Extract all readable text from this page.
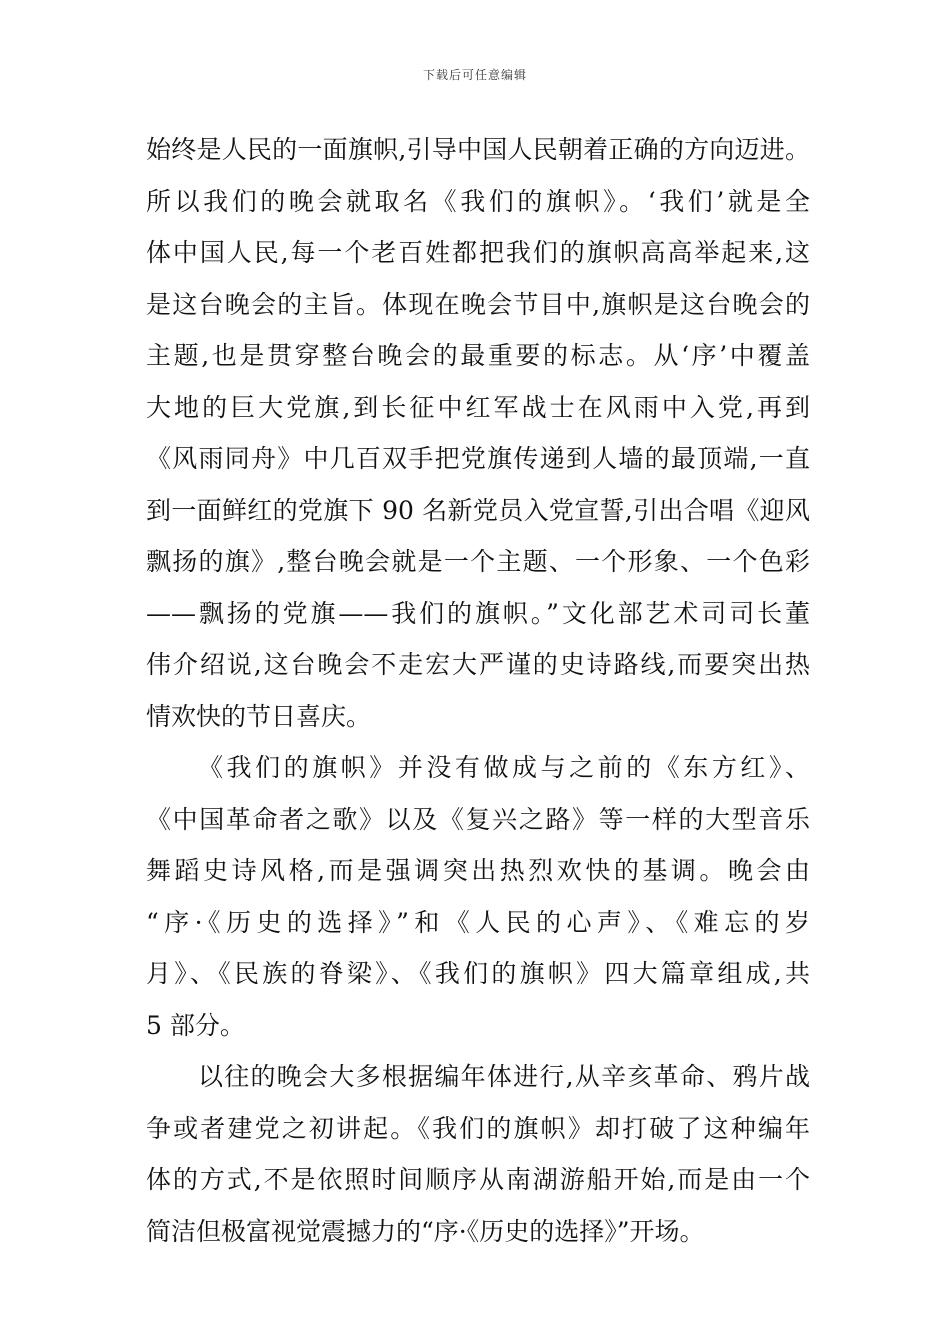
下载后可任意编辑
始终是人民的一面旗帜,引导中国人民朝着正确的方向迈进。
所以我们的晚会就取名《我们的旗帜》。‘我们’就是全
体中国人民,每一个老百姓都把我们的旗帜高高举起来,这
是这台晚会的主旨。体现在晚会节目中,旗帜是这台晚会的
主题,也是贯穿整台晚会的最重要的标志。从‘序’中覆盖
大地的巨大党旗,到长征中红军战士在风雨中入党,再到
《风雨同舟》中几百双手把党旗传递到人墙的最顶端,一直
到一面鲜红的党旗下 90 名新党员入党宣誓,引出合唱《迎风
飘扬的旗》,整台晚会就是一个主题、一个形象、一个色彩
——飘扬的党旗——我们的旗帜。”文化部艺术司司长董
伟介绍说,这台晚会不走宏大严谨的史诗路线,而要突出热
情欢快的节日喜庆。
《我们的旗帜》并没有做成与之前的《东方红》、
《中国革命者之歌》以及《复兴之路》等一样的大型音乐
舞蹈史诗风格,而是强调突出热烈欢快的基调。晚会由
“序·《历史的选择》”和《人民的心声》、《难忘的岁
月》、《民族的脊梁》、《我们的旗帜》四大篇章组成,共
5 部分。
以往的晚会大多根据编年体进行,从辛亥革命、鸦片战
争或者建党之初讲起。《我们的旗帜》却打破了这种编年
体的方式,不是依照时间顺序从南湖游船开始,而是由一个
简洁但极富视觉震撼力的“序·《历史的选择》”开场。
